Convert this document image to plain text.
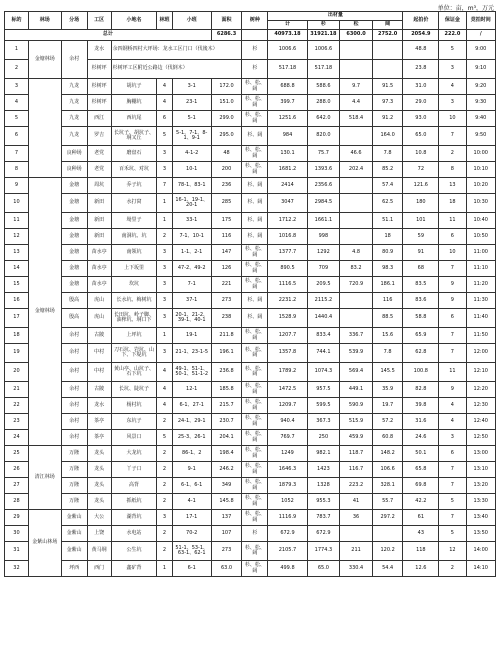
单位：亩，m³，万元
标的	林场	分场	工区	小地名	林班	小班	面积	树种	出材量				起拍价	保证金	竞拍时间
									计	杉	松	阔			
总计							6286.3		40973.18	31921.18	6300.0	2752.0	2054.9	222.0	/
1	金塘林场	余村	龙水	余四钢桥四村大坪场：龙水工区门口（伐後木）				杉	1006.6	1006.6			48.8	5	9:00
2			杉树坪	杉树坪工区附近公路边（伐倒木）				杉	517.18	517.18			23.8	3	9:10
3		九龙	杉树坪	胡坑子	4	3-1	172.0	杉、松、阔	688.8	588.6	9.7	91.5	31.0	4	9:20
4		九龙	杉树坪	胸棚坑	4	23-1	151.0	杉、松、阔	399.7	288.0	4.4	97.3	29.0	3	9:30
5		九龙	西江	西坑尾	6	5-1	299.0	杉、松、阔	1251.6	642.0	518.4	91.2	93.0	10	9:40
6		九龙	罗吉	长坑子、胡坑子、垌又丘	5	5-1、7-1、8-1、9-1	295.0	杉、阔	984	820.0		164.0	65.0	7	9:50
7		良种场	老党	磨盘石	3	4-1-2	48	杉、松、阔	130.1	75.7	46.6	7.8	10.8	2	10:00
8		良种场	老党	百禾坑、对坑	3	10-1	200	杉、松、阔	1681.2	1393.6	202.4	85.2	72	8	10:10
9	金塘林场	金塘	周坑	乔子坑	7	78-1、83-1	236	杉、阔	2414	2356.6		57.4	121.6	13	10:20
10		金塘	新田	水打窝	1	16-1、19-1、20-1	285	杉、阔	3047	2984.5		62.5	180	18	10:30
11		金塘	新田	坳里子	1	33-1	175	杉、阔	1712.2	1661.1		51.1	101	11	10:40
12		金塘	新田	南洞坑、坑	2	7-1、10-1	116	杉、阔	1016.8	998		18	59	6	10:50
13		金塘	苗水亭	南领坑	3	1-1、2-1	147	杉、松、阔	1377.7	1292	4.8	80.9	91	10	11:00
14		金塘	苗水亭	上下坂里	3	47-2、49-2	126	杉、松、阔	890.5	709	83.2	98.3	68	7	11:10
15		金塘	苗水亭	坎坑	3	7-1	221	杉、松、阔	1116.5	209.5	720.9	186.1	83.5	9	11:20
16		殷高	虎山	长水坑、梅树坑	3	37-1	273	杉、阔	2231.2	2115.2		116	83.6	9	11:30
17		殷高	虎山	长田坑、岭子脚、油榨坑、垌口下	3	20-1、21-2、39-1、40-1	238	杉、阔	1528.9	1440.4		88.5	58.8	6	11:40
18		余村	古陂	上坪坑	1	19-1	211.8	杉、松、阔	1207.7	833.4	336.7	15.6	65.9	7	11:50
19		余村	中村	刀石坑、岩坑、山下、下堤坑	3	21-1、23-1-5	196.1	杉、松、阔	1357.8	744.1	539.9	7.8	62.8	7	12:00
20		余村	中村	黄山亭、山坑子、石下坑	4	49-1、51-1、50-1、51-1-2	236.8	杉、松、阔	1789.2	1074.3	569.4	145.5	100.8	11	12:10
21		余村	古陂	长坑、陡坑子	4	12-1	185.8	杉、松、阔	1472.5	957.5	449.1	35.9	82.8	9	12:20
22		余村	龙水	杨村坑	4	6-1、27-1	215.7	杉、松、阔	1209.7	599.5	590.9	19.7	39.8	4	12:30
23		余村	茶亭	东坑子	2	24-1、29-1	230.7	杉、松、阔	940.4	367.3	515.9	57.2	31.6	4	12:40
24		余村	茶亭	风景口	5	25-3、26-1	204.1	杉、松、阔	769.7	250	459.9	60.8	24.6	3	12:50
25	清江林场	万隆	龙头	大龙坑	2	86-1、2	198.4	杉、松、阔	1249	982.1	118.7	148.2	50.1	6	13:00
26		万隆	龙头	丫子口	2	9-1	246.2	杉、松、阔	1646.3	1423	116.7	106.6	65.8	7	13:10
27		万隆	龙头	高背	2	6-1、6-1	349	杉、松、阔	1879.3	1328	223.2	328.1	69.8	7	13:20
28		万隆	龙头	抓纸坑	2	4-1	145.8	杉、松、阔	1052	955.3	41	55.7	42.2	5	13:30
29	金紫山林场	金紫山	大公	湖背坑	3	17-1	137	杉、松、阔	1116.9	783.7	36	297.2	61	7	13:40
30		金紫山	上饶	水电站	2	70-2	107	杉	672.9	672.9			43	5	13:50
31		金紫山	黄马垌	公生坑	2	51-1、53-1、63-1、62-1	273	杉、松、阔	2105.7	1774.3	211	120.2	118	12	14:00
32		坪西	西门	鑫矿背	1	6-1	63.0	杉、松、阔	499.8	65.0	330.4	54.4	12.6	2	14:10
